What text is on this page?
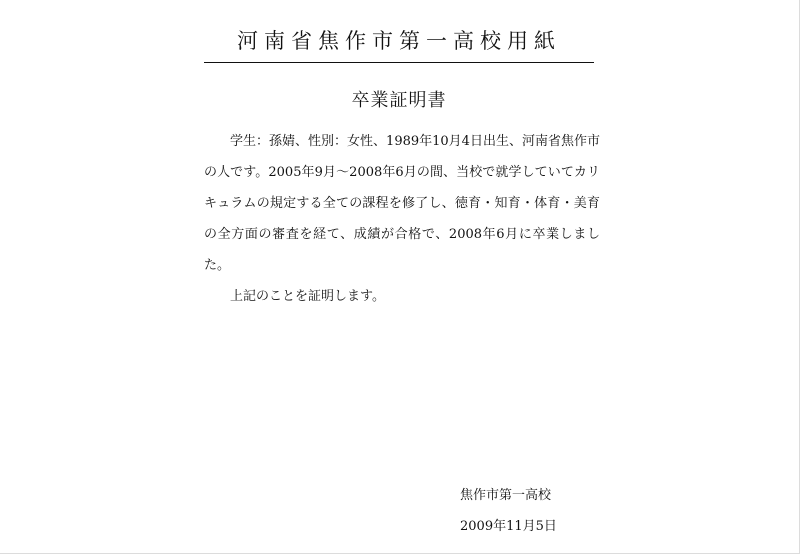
河南省焦作市第一高校用紙
卒業証明書

学生：孫婧、性別：女性、1989年10月4日出生、河南省焦作市の人です。2005年9月～2008年6月の間、当校で就学していてカリキュラムの規定する全ての課程を修了し、徳育・知育・体育・美育の全方面の審査を経て、成績が合格で、2008年6月に卒業しました。

上記のことを証明します。

焦作市第一高校
2009年11月5日
